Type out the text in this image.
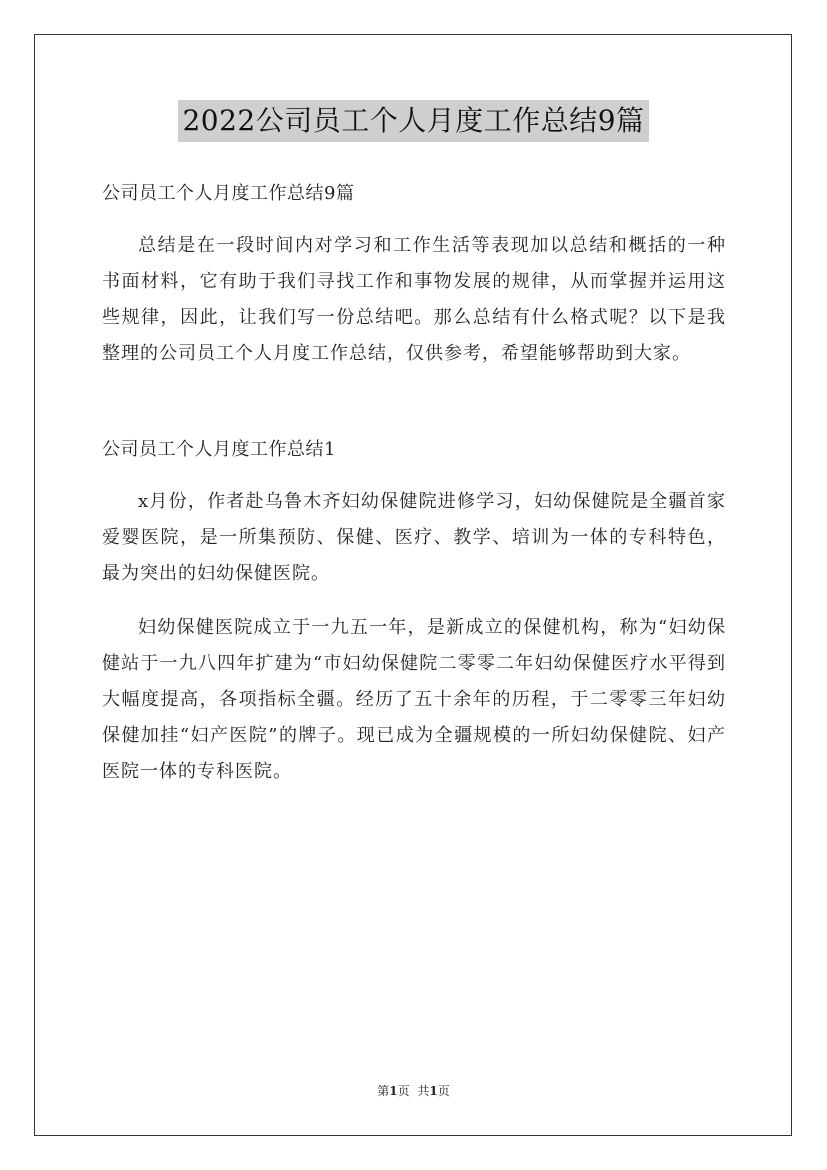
2022公司员工个人月度工作总结9篇

公司员工个人月度工作总结9篇

总结是在一段时间内对学习和工作生活等表现加以总结和概括的一种书面材料，它有助于我们寻找工作和事物发展的规律，从而掌握并运用这些规律，因此，让我们写一份总结吧。那么总结有什么格式呢？以下是我整理的公司员工个人月度工作总结，仅供参考，希望能够帮助到大家。

公司员工个人月度工作总结1

x月份，作者赴乌鲁木齐妇幼保健院进修学习，妇幼保健院是全疆首家爱婴医院，是一所集预防、保健、医疗、教学、培训为一体的专科特色，最为突出的妇幼保健医院。

妇幼保健医院成立于一九五一年，是新成立的保健机构，称为“妇幼保健站于一九八四年扩建为“市妇幼保健院二零零二年妇幼保健医疗水平得到大幅度提高，各项指标全疆。经历了五十余年的历程，于二零零三年妇幼保健加挂“妇产医院”的牌子。现已成为全疆规模的一所妇幼保健院、妇产医院一体的专科医院。

第1页 共1页
